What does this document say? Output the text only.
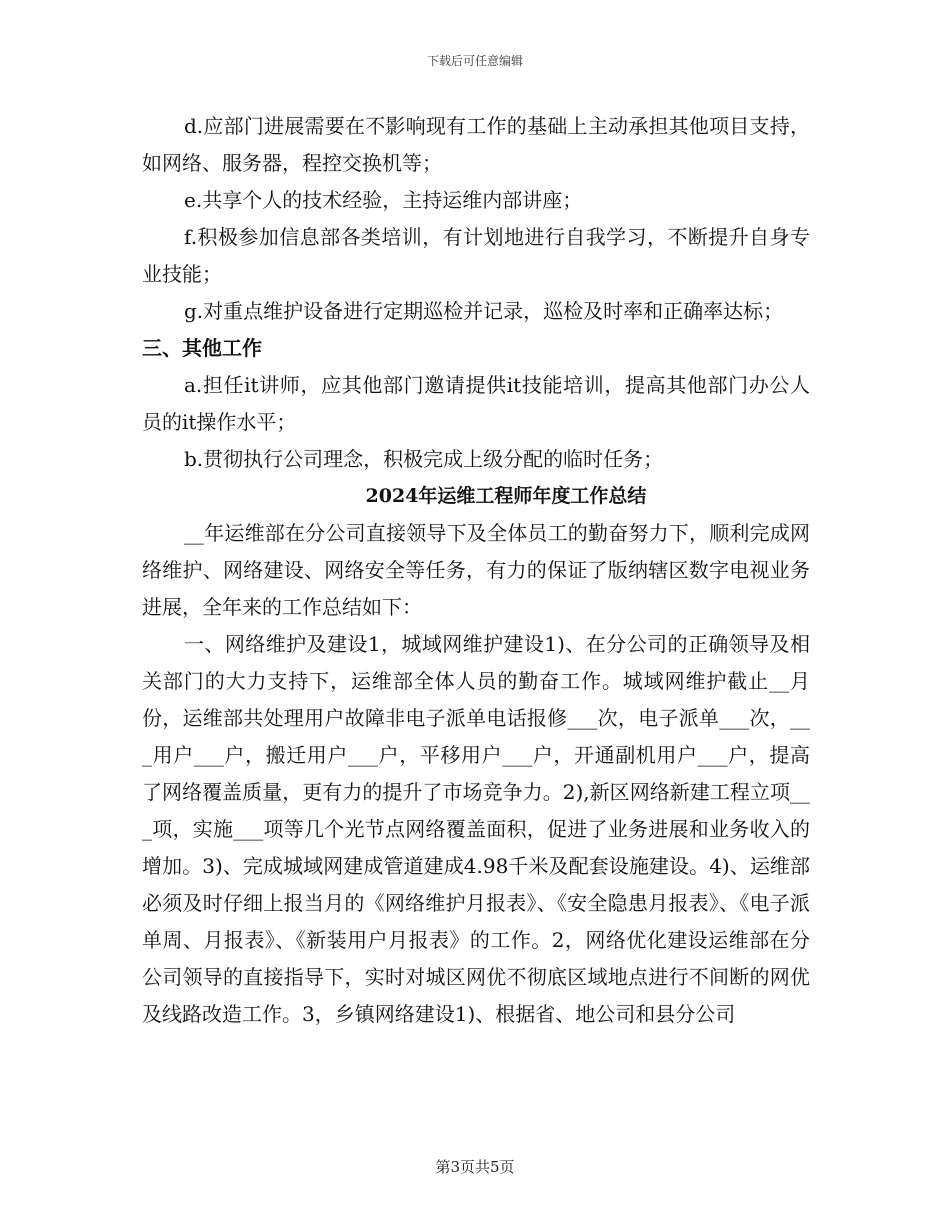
下载后可任意编辑

d.应部门进展需要在不影响现有工作的基础上主动承担其他项目支持，如网络、服务器，程控交换机等；

e.共享个人的技术经验，主持运维内部讲座；

f.积极参加信息部各类培训，有计划地进行自我学习，不断提升自身专业技能；

g.对重点维护设备进行定期巡检并记录，巡检及时率和正确率达标；

三、其他工作

a.担任it讲师，应其他部门邀请提供it技能培训，提高其他部门办公人员的it操作水平；

b.贯彻执行公司理念，积极完成上级分配的临时任务；

2024年运维工程师年度工作总结

__年运维部在分公司直接领导下及全体员工的勤奋努力下，顺利完成网络维护、网络建设、网络安全等任务，有力的保证了版纳辖区数字电视业务进展，全年来的工作总结如下：

一、网络维护及建设1，城域网维护建设1)、在分公司的正确领导及相关部门的大力支持下，运维部全体人员的勤奋工作。城域网维护截止__月份，运维部共处理用户故障非电子派单电话报修___次，电子派单___次，___用户___户，搬迁用户___户，平移用户___户，开通副机用户___户，提高了网络覆盖质量，更有力的提升了市场竞争力。2),新区网络新建工程立项___项，实施___项等几个光节点网络覆盖面积，促进了业务进展和业务收入的增加。3)、完成城域网建成管道建成4.98千米及配套设施建设。4)、运维部必须及时仔细上报当月的《网络维护月报表》、《安全隐患月报表》、《电子派单周、月报表》、《新装用户月报表》的工作。2，网络优化建设运维部在分公司领导的直接指导下，实时对城区网优不彻底区域地点进行不间断的网优及线路改造工作。3，乡镇网络建设1)、根据省、地公司和县分公司

第3页共5页
